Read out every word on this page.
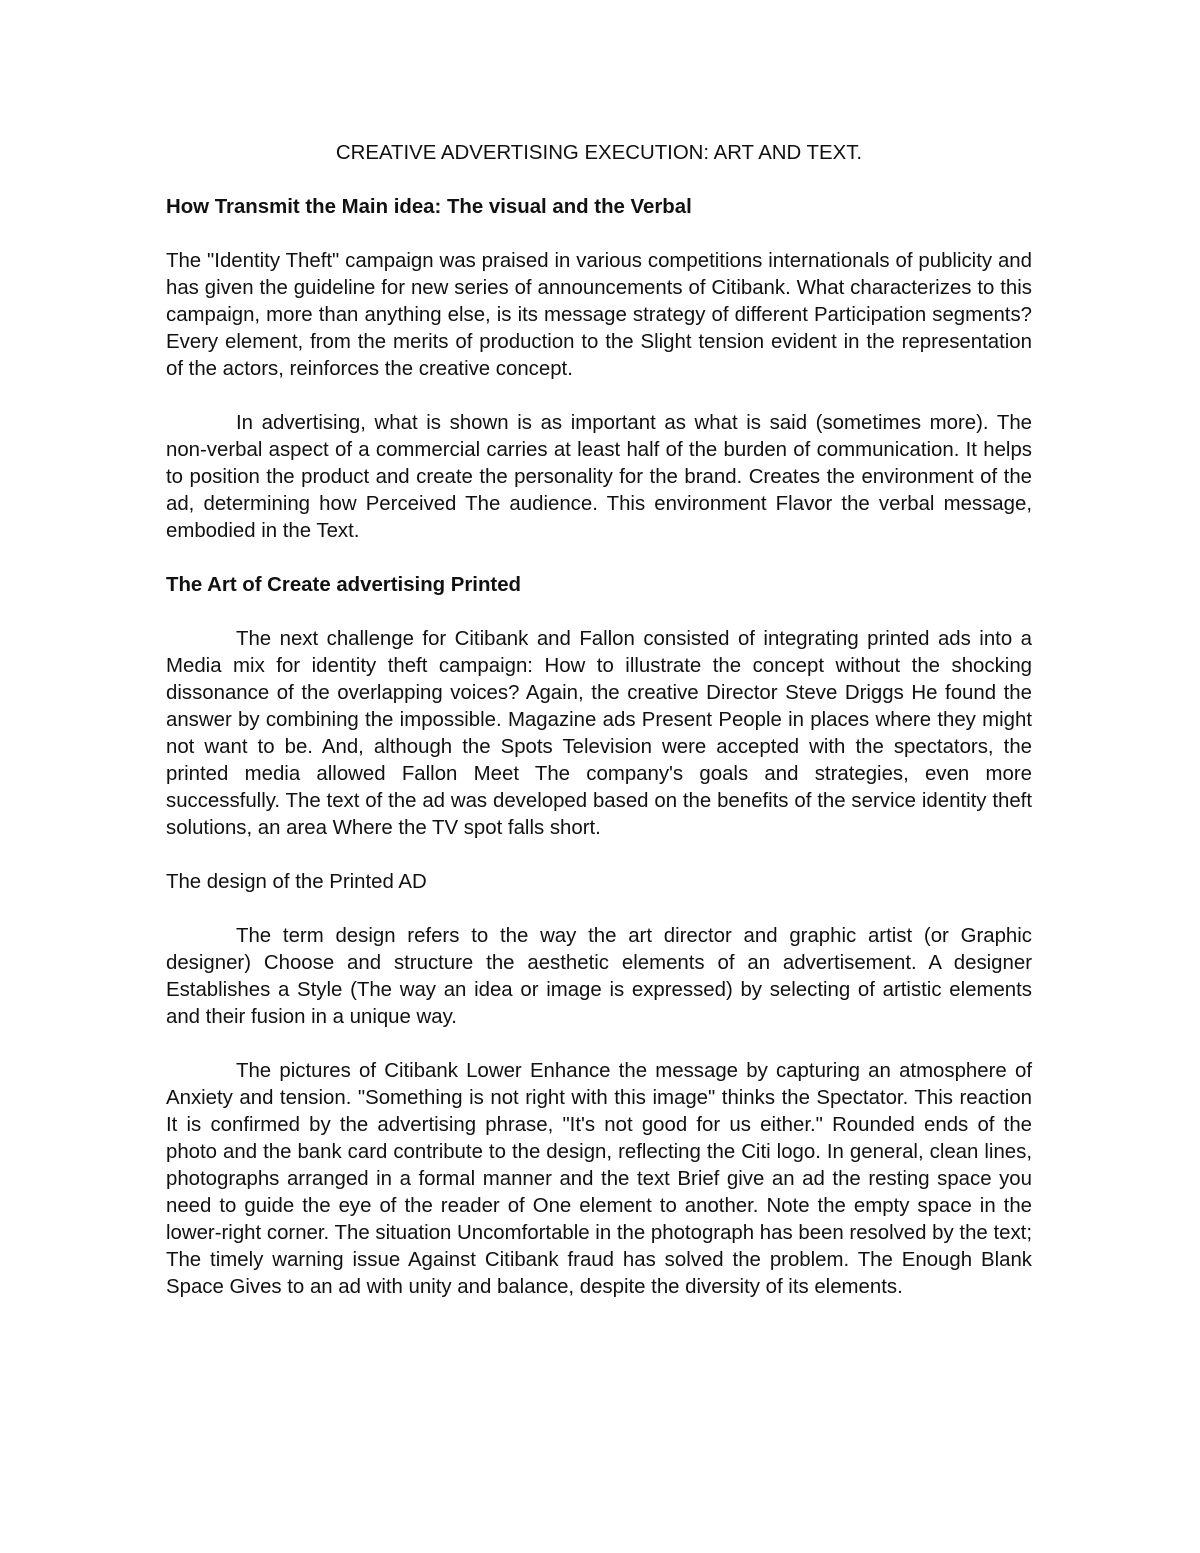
CREATIVE ADVERTISING EXECUTION: ART AND TEXT.
How Transmit the Main idea: The visual and the Verbal

The "Identity Theft" campaign was praised in various competitions internationals of publicity and has given the guideline for new series of announcements of Citibank. What characterizes to this campaign, more than anything else, is its message strategy of different Participation segments? Every element, from the merits of production to the Slight tension evident in the representation of the actors, reinforces the creative concept.

In advertising, what is shown is as important as what is said (sometimes more). The non-verbal aspect of a commercial carries at least half of the burden of communication. It helps to position the product and create the personality for the brand. Creates the environment of the ad, determining how Perceived The audience. This environment Flavor the verbal message, embodied in the Text.

The Art of Create advertising Printed

The next challenge for Citibank and Fallon consisted of integrating printed ads into a Media mix for identity theft campaign: How to illustrate the concept without the shocking dissonance of the overlapping voices? Again, the creative Director Steve Driggs He found the answer by combining the impossible. Magazine ads Present People in places where they might not want to be. And, although the Spots Television were accepted with the spectators, the printed media allowed Fallon Meet The company's goals and strategies, even more successfully. The text of the ad was developed based on the benefits of the service identity theft solutions, an area Where the TV spot falls short.

The design of the Printed AD

The term design refers to the way the art director and graphic artist (or Graphic designer) Choose and structure the aesthetic elements of an advertisement. A designer Establishes a Style (The way an idea or image is expressed) by selecting of artistic elements and their fusion in a unique way.

The pictures of Citibank Lower Enhance the message by capturing an atmosphere of Anxiety and tension. "Something is not right with this image" thinks the Spectator. This reaction It is confirmed by the advertising phrase, "It's not good for us either." Rounded ends of the photo and the bank card contribute to the design, reflecting the Citi logo. In general, clean lines, photographs arranged in a formal manner and the text Brief give an ad the resting space you need to guide the eye of the reader of One element to another. Note the empty space in the lower-right corner. The situation Uncomfortable in the photograph has been resolved by the text; The timely warning issue Against Citibank fraud has solved the problem. The Enough Blank Space Gives to an ad with unity and balance, despite the diversity of its elements.
